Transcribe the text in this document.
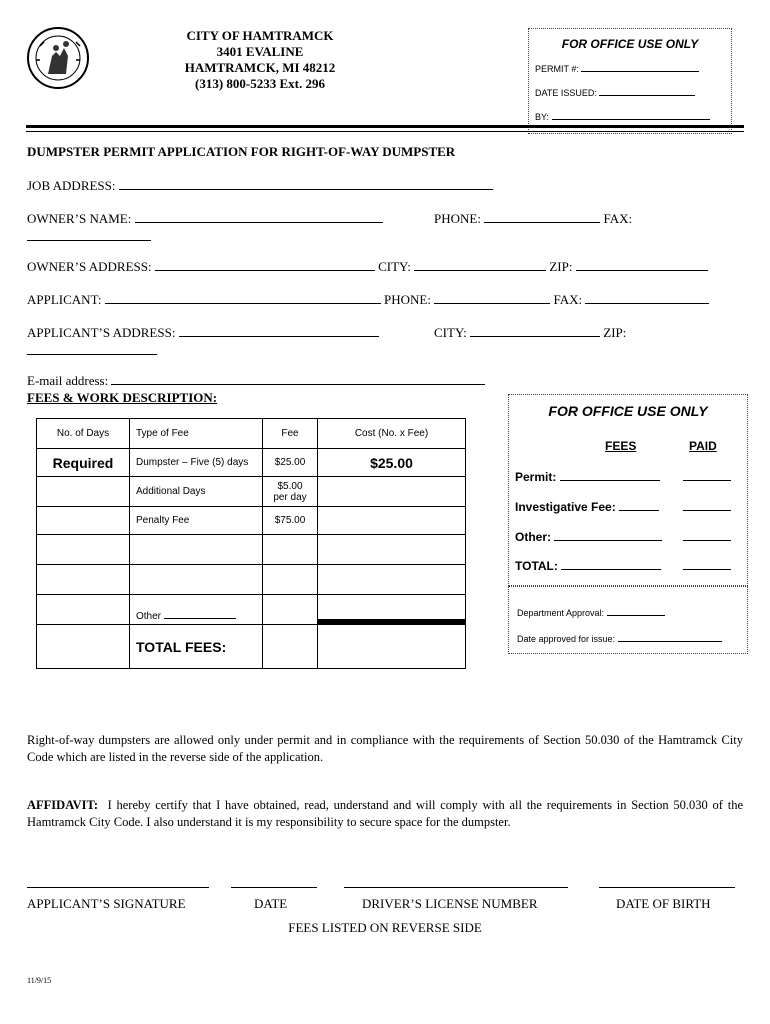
CITY OF HAMTRAMCK
3401 EVALINE
HAMTRAMCK, MI 48212
(313) 800-5233 Ext. 296
FOR OFFICE USE ONLY
PERMIT #:
DATE ISSUED:
BY:
DUMPSTER PERMIT APPLICATION FOR RIGHT-OF-WAY DUMPSTER
JOB ADDRESS:
OWNER’S NAME:	PHONE:	FAX:
OWNER’S ADDRESS:	CITY:	ZIP:
APPLICANT:	PHONE:	FAX:
APPLICANT’S ADDRESS:	CITY:	ZIP:
E-mail address:
FEES & WORK DESCRIPTION:
No. of Days	Type of Fee	Fee	Cost (No. x Fee)
Required	Dumpster – Five (5) days	$25.00	$25.00
	Additional Days	$5.00 per day	
	Penalty Fee	$75.00	

	Other		

	TOTAL FEES:		
FOR OFFICE USE ONLY
FEES	PAID
Permit:
Investigative Fee:
Other:
TOTAL:
Department Approval:
Date approved for issue:
Right-of-way dumpsters are allowed only under permit and in compliance with the requirements of Section 50.030 of the Hamtramck City Code which are listed in the reverse side of the application.
AFFIDAVIT: I hereby certify that I have obtained, read, understand and will comply with all the requirements in Section 50.030 of the Hamtramck City Code. I also understand it is my responsibility to secure space for the dumpster.
APPLICANT’S SIGNATURE	DATE	DRIVER’S LICENSE NUMBER	DATE OF BIRTH
FEES LISTED ON REVERSE SIDE
11/9/15
